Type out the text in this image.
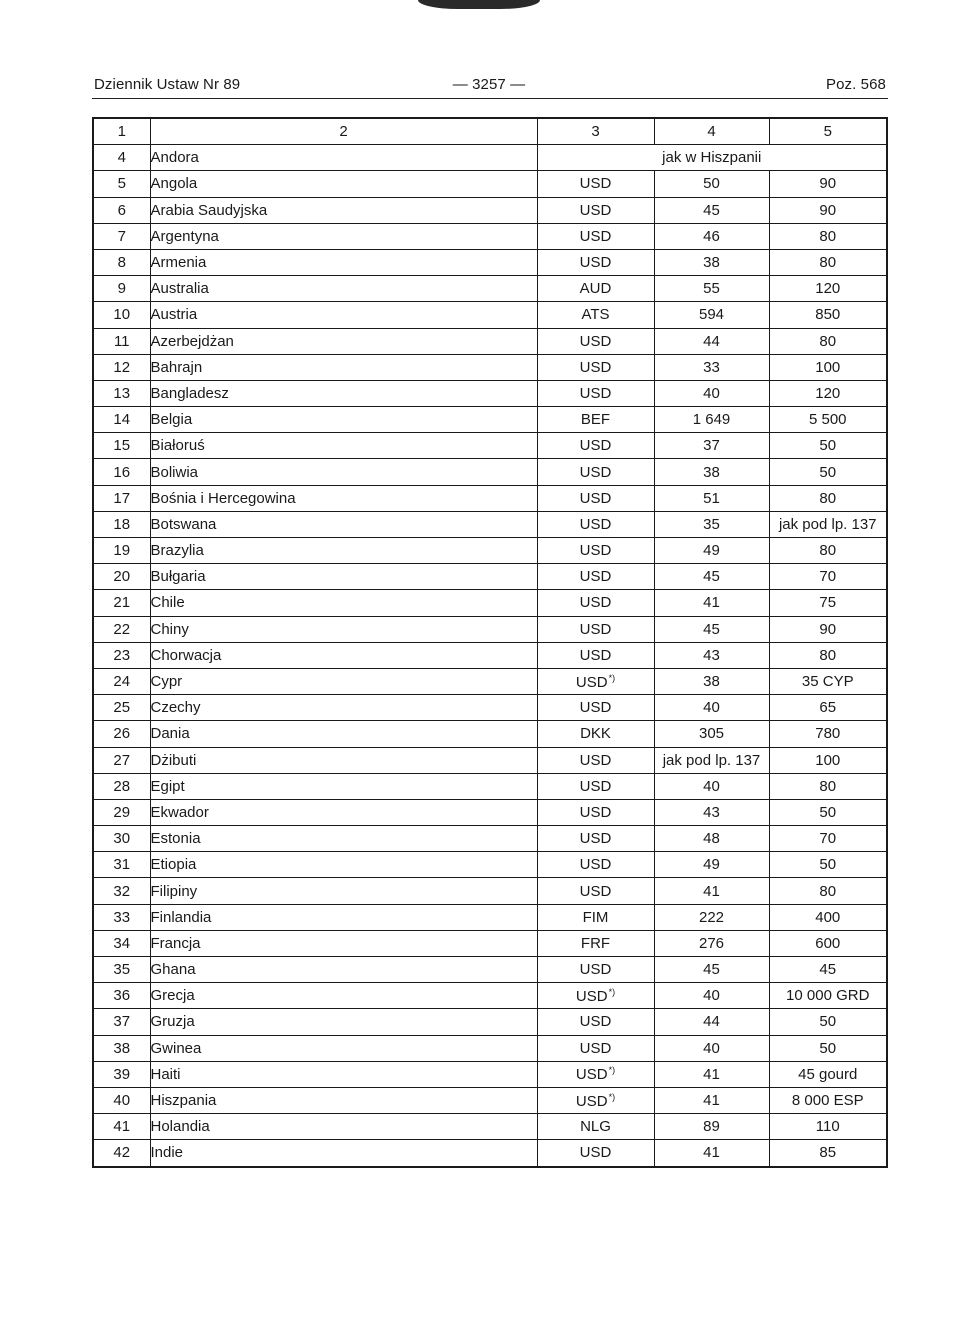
Dziennik Ustaw Nr 89	— 3257 —	Poz. 568
1	2	3	4	5
4	Andora	jak w Hiszpanii		
5	Angola	USD	50	90
6	Arabia Saudyjska	USD	45	90
7	Argentyna	USD	46	80
8	Armenia	USD	38	80
9	Australia	AUD	55	120
10	Austria	ATS	594	850
11	Azerbejdżan	USD	44	80
12	Bahrajn	USD	33	100
13	Bangladesz	USD	40	120
14	Belgia	BEF	1 649	5 500
15	Białoruś	USD	37	50
16	Boliwia	USD	38	50
17	Bośnia i Hercegowina	USD	51	80
18	Botswana	USD	35	jak pod lp. 137
19	Brazylia	USD	49	80
20	Bułgaria	USD	45	70
21	Chile	USD	41	75
22	Chiny	USD	45	90
23	Chorwacja	USD	43	80
24	Cypr	USD*)	38	35 CYP
25	Czechy	USD	40	65
26	Dania	DKK	305	780
27	Dżibuti	USD	jak pod lp. 137	100
28	Egipt	USD	40	80
29	Ekwador	USD	43	50
30	Estonia	USD	48	70
31	Etiopia	USD	49	50
32	Filipiny	USD	41	80
33	Finlandia	FIM	222	400
34	Francja	FRF	276	600
35	Ghana	USD	45	45
36	Grecja	USD*)	40	10 000 GRD
37	Gruzja	USD	44	50
38	Gwinea	USD	40	50
39	Haiti	USD*)	41	45 gourd
40	Hiszpania	USD*)	41	8 000 ESP
41	Holandia	NLG	89	110
42	Indie	USD	41	85
